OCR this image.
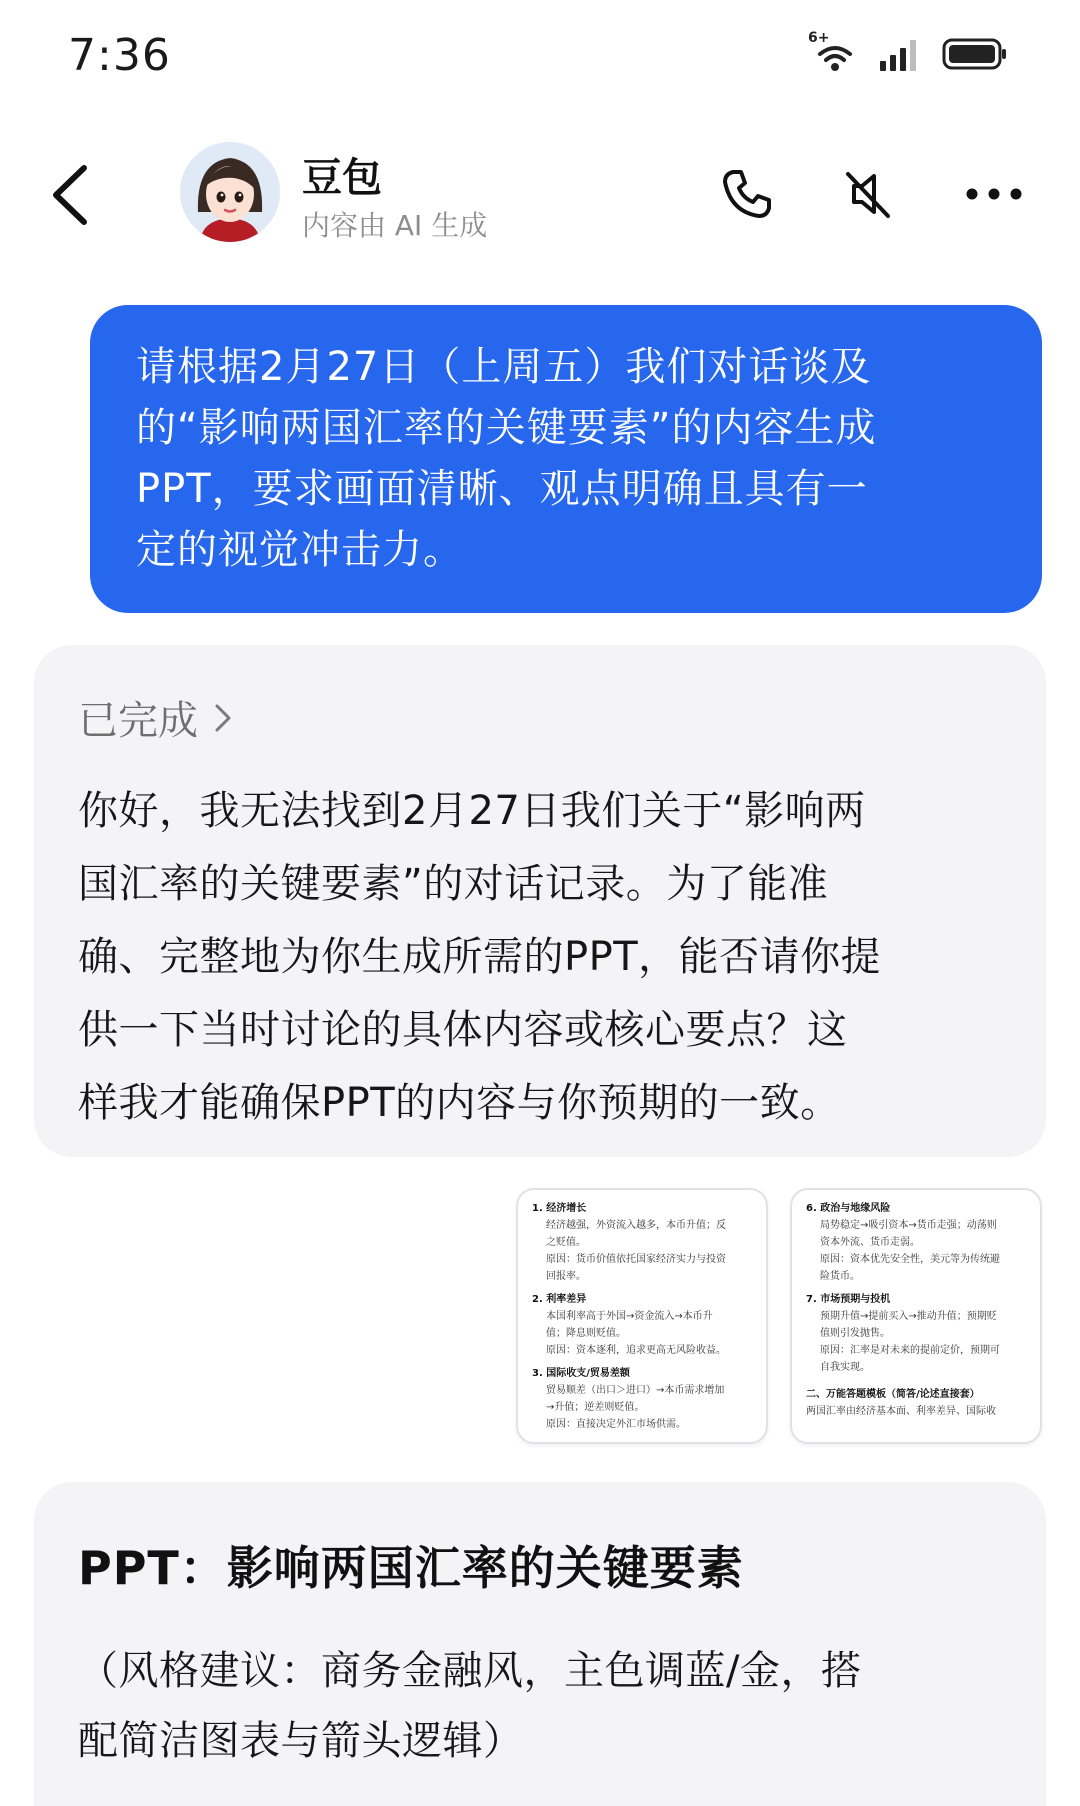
7:36	6+
豆包
内容由 AI 生成
请根据2月27日（上周五）我们对话谈及
的“影响两国汇率的关键要素”的内容生成
PPT，要求画面清晰、观点明确且具有一
定的视觉冲击力。
已完成
你好，我无法找到2月27日我们关于“影响两
国汇率的关键要素”的对话记录。为了能准
确、完整地为你生成所需的PPT，能否请你提
供一下当时讨论的具体内容或核心要点？这
样我才能确保PPT的内容与你预期的一致。
1. 经济增长
经济越强，外资流入越多，本币升值；反
之贬值。
原因：货币价值依托国家经济实力与投资
回报率。
2. 利率差异
本国利率高于外国→资金流入→本币升
值；降息则贬值。
原因：资本逐利，追求更高无风险收益。
3. 国际收支/贸易差额
贸易顺差（出口＞进口）→本币需求增加
→升值；逆差则贬值。
原因：直接决定外汇市场供需。
6. 政治与地缘风险
局势稳定→吸引资本→货币走强；动荡则
资本外流、货币走弱。
原因：资本优先安全性，美元等为传统避
险货币。
7. 市场预期与投机
预期升值→提前买入→推动升值；预期贬
值则引发抛售。
原因：汇率是对未来的提前定价，预期可
自我实现。
二、万能答题模板（简答/论述直接套）
两国汇率由经济基本面、利率差异、国际收
PPT：影响两国汇率的关键要素
（风格建议：商务金融风，主色调蓝/金，搭
配简洁图表与箭头逻辑）
